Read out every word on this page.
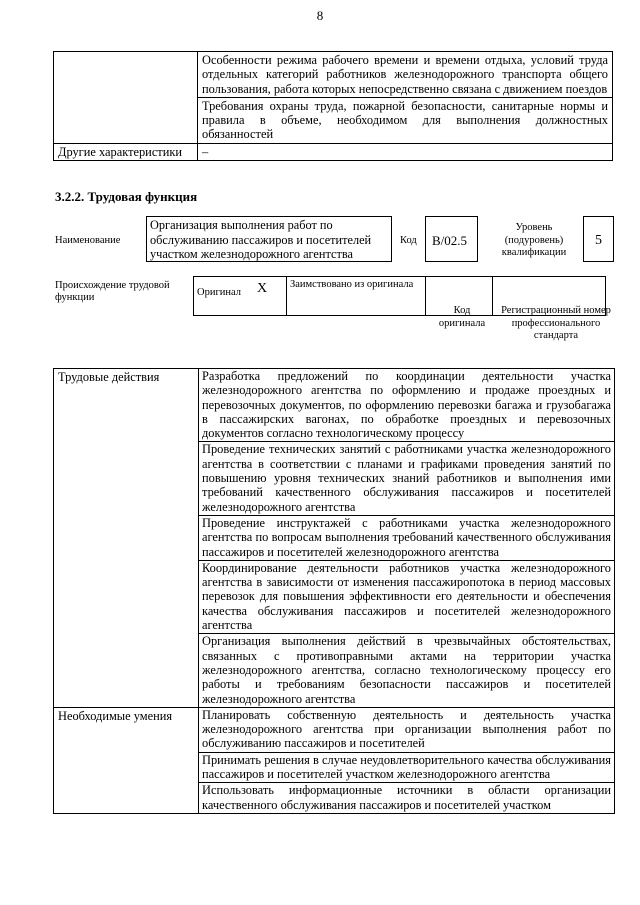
8
	Особенности режима рабочего времени и времени отдыха, условий труда отдельных категорий работников железнодорожного транспорта общего пользования, работа которых непосредственно связана с движением поездов
	Требования охраны труда, пожарной безопасности, санитарные нормы и правила в объеме, необходимом для выполнения должностных обязанностей
Другие характеристики	–
3.2.2. Трудовая функция
Наименование
Организация выполнения работ по обслуживанию пассажиров и посетителей участком железнодорожного агентства
Код	B/02.5
Уровень (подуровень) квалификации
5
Происхождение трудовой функции	Оригинал	X	Заимствовано из оригинала		
Код оригинала
Регистрационный номер профессионального стандарта
Трудовые действия	Разработка предложений по координации деятельности участка железнодорожного агентства по оформлению и продаже проездных и перевозочных документов, по оформлению перевозки багажа и грузобагажа в пассажирских вагонах, по обработке проездных и перевозочных документов согласно технологическому процессу
	Проведение технических занятий с работниками участка железнодорожного агентства в соответствии с планами и графиками проведения занятий по повышению уровня технических знаний работников и выполнения ими требований качественного обслуживания пассажиров и посетителей железнодорожного агентства
	Проведение инструктажей с работниками участка железнодорожного агентства по вопросам выполнения требований качественного обслуживания пассажиров и посетителей железнодорожного агентства
	Координирование деятельности работников участка железнодорожного агентства в зависимости от изменения пассажиропотока в период массовых перевозок для повышения эффективности его деятельности и обеспечения качества обслуживания пассажиров и посетителей железнодорожного агентства
	Организация выполнения действий в чрезвычайных обстоятельствах, связанных с противоправными актами на территории участка железнодорожного агентства, согласно технологическому процессу его работы и требованиям безопасности пассажиров и посетителей железнодорожного агентства
Необходимые умения	Планировать собственную деятельность и деятельность участка железнодорожного агентства при организации выполнения работ по обслуживанию пассажиров и посетителей
	Принимать решения в случае неудовлетворительного качества обслуживания пассажиров и посетителей участком железнодорожного агентства
	Использовать информационные источники в области организации качественного обслуживания пассажиров и посетителей участком
